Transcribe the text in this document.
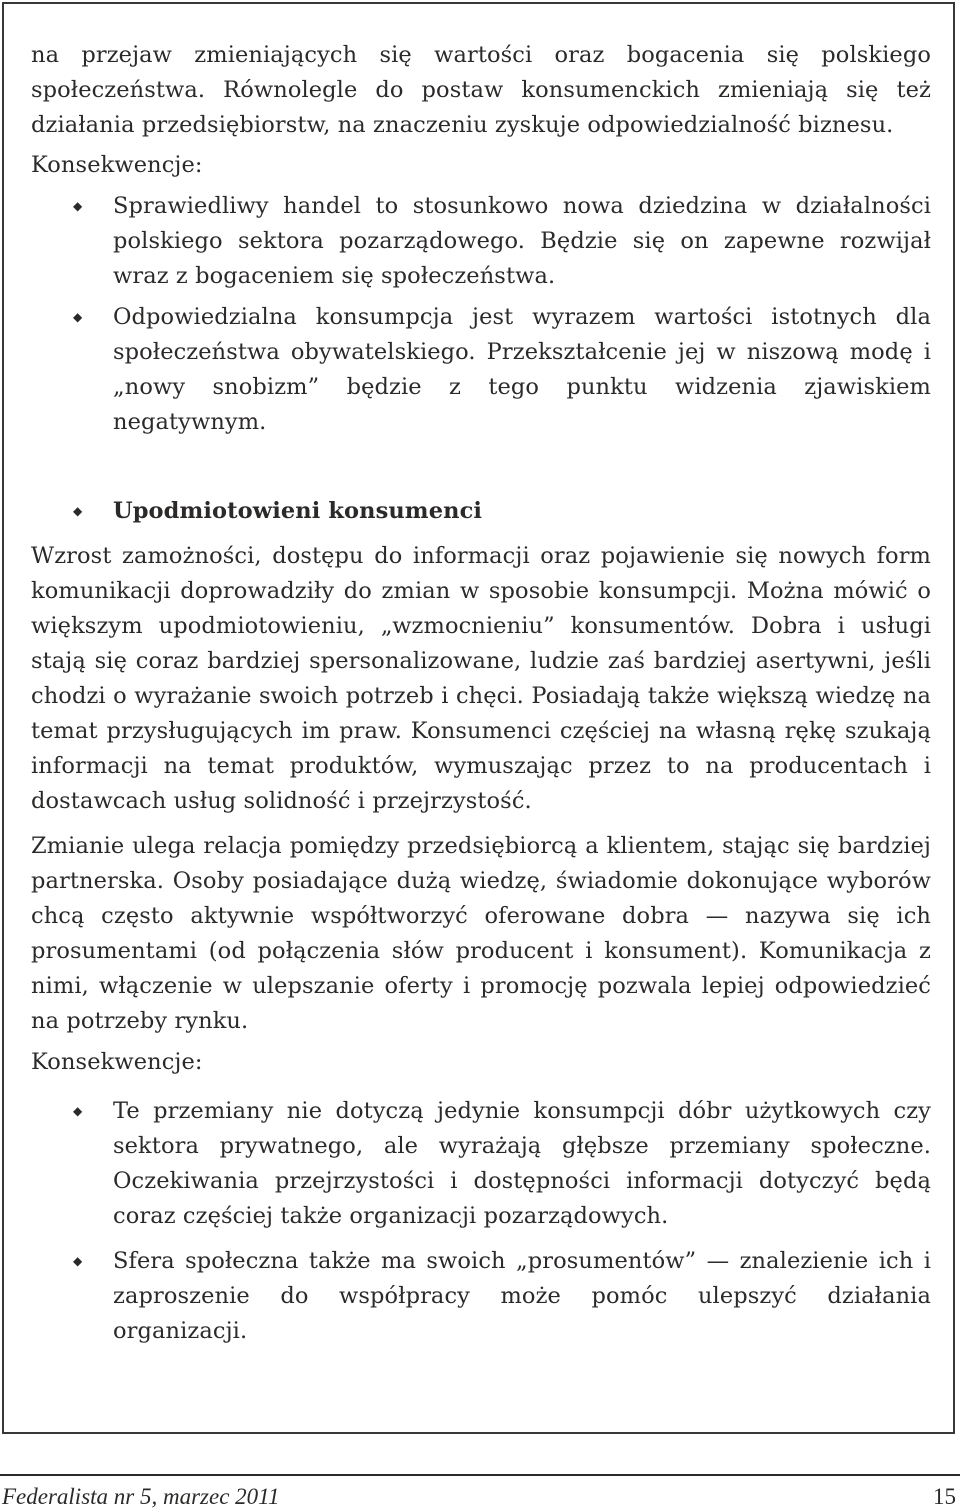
na przejaw zmieniających się wartości oraz bogacenia się polskiego społeczeństwa. Równolegle do postaw konsumenckich zmieniają się też działania przedsiębiorstw, na znaczeniu zyskuje odpowiedzialność biznesu.

Konsekwencje:

◆ Sprawiedliwy handel to stosunkowo nowa dziedzina w działalności polskiego sektora pozarządowego. Będzie się on zapewne rozwijał wraz z bogaceniem się społeczeństwa.
◆ Odpowiedzialna konsumpcja jest wyrazem wartości istotnych dla społeczeństwa obywatelskiego. Przekształcenie jej w niszową modę i „nowy snobizm” będzie z tego punktu widzenia zjawiskiem negatywnym.
◆ Upodmiotowieni konsumenci

Wzrost zamożności, dostępu do informacji oraz pojawienie się nowych form komunikacji doprowadziły do zmian w sposobie konsumpcji. Można mówić o większym upodmiotowieniu, „wzmocnieniu” konsumentów. Dobra i usługi stają się coraz bardziej spersonalizowane, ludzie zaś bardziej asertywni, jeśli chodzi o wyrażanie swoich potrzeb i chęci. Posiadają także większą wiedzę na temat przysługujących im praw. Konsumenci częściej na własną rękę szukają informacji na temat produktów, wymuszając przez to na producentach i dostawcach usług solidność i przejrzystość.

Zmianie ulega relacja pomiędzy przedsiębiorcą a klientem, stając się bardziej partnerska. Osoby posiadające dużą wiedzę, świadomie dokonujące wyborów chcą często aktywnie współtworzyć oferowane dobra — nazywa się ich prosumentami (od połączenia słów producent i konsument). Komunikacja z nimi, włączenie w ulepszanie oferty i promocję pozwala lepiej odpowiedzieć na potrzeby rynku.

Konsekwencje:

◆ Te przemiany nie dotyczą jedynie konsumpcji dóbr użytkowych czy sektora prywatnego, ale wyrażają głębsze przemiany społeczne. Oczekiwania przejrzystości i dostępności informacji dotyczyć będą coraz częściej także organizacji pozarządowych.
◆ Sfera społeczna także ma swoich „prosumentów” — znalezienie ich i zaproszenie do współpracy może pomóc ulepszyć działania organizacji.
Federalista nr 5, marzec 2011	15
